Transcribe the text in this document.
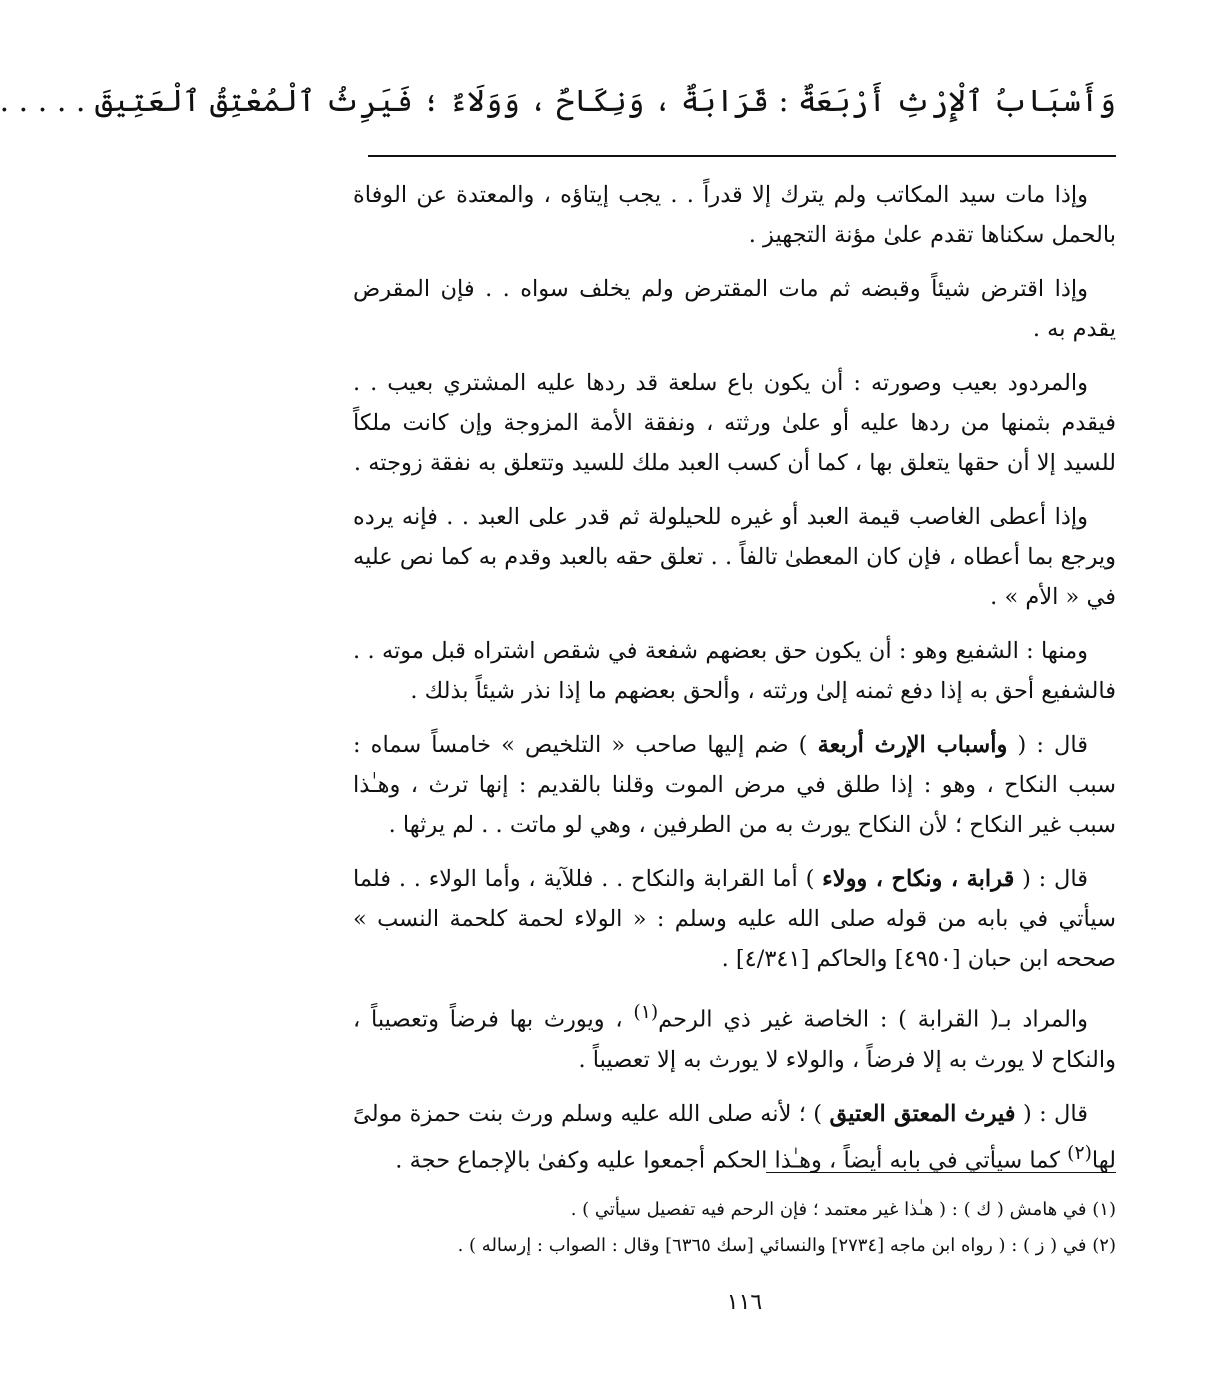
وَأَسْبَابُ ٱلْإِرْثِ أَرْبَعَةٌ : قَرَابَةٌ ، وَنِكَاحٌ ، وَوَلَاءٌ ؛ فَيَرِثُ ٱلْمُعْتِقُ ٱلْعَتِيقَ . . . . .

وإذا مات سيد المكاتب ولم يترك إلا قدراً . . يجب إيتاؤه ، والمعتدة عن الوفاة بالحمل سكناها تقدم علىٰ مؤنة التجهيز .

وإذا اقترض شيئاً وقبضه ثم مات المقترض ولم يخلف سواه . . فإن المقرض يقدم به .

والمردود بعيب وصورته : أن يكون باع سلعة قد ردها عليه المشتري بعيب . . فيقدم بثمنها من ردها عليه أو علىٰ ورثته ، ونفقة الأمة المزوجة وإن كانت ملكاً للسيد إلا أن حقها يتعلق بها ، كما أن كسب العبد ملك للسيد وتتعلق به نفقة زوجته .

وإذا أعطى الغاصب قيمة العبد أو غيره للحيلولة ثم قدر على العبد . . فإنه يرده ويرجع بما أعطاه ، فإن كان المعطىٰ تالفاً . . تعلق حقه بالعبد وقدم به كما نص عليه في « الأم » .

ومنها : الشفيع وهو : أن يكون حق بعضهم شفعة في شقص اشتراه قبل موته . . فالشفيع أحق به إذا دفع ثمنه إلىٰ ورثته ، وألحق بعضهم ما إذا نذر شيئاً بذلك .

قال : ( وأسباب الإرث أربعة ) ضم إليها صاحب « التلخيص » خامساً سماه : سبب النكاح ، وهو : إذا طلق في مرض الموت وقلنا بالقديم : إنها ترث ، وهـٰذا سبب غير النكاح ؛ لأن النكاح يورث به من الطرفين ، وهي لو ماتت . . لم يرثها .

قال : ( قرابة ، ونكاح ، وولاء ) أما القرابة والنكاح . . فللآية ، وأما الولاء . . فلما سيأتي في بابه من قوله صلى الله عليه وسلم : « الولاء لحمة كلحمة النسب » صححه ابن حبان [٤٩٥٠] والحاكم [٤/٣٤١] .

والمراد بـ( القرابة ) : الخاصة غير ذي الرحم$^{(١)}$ ، ويورث بها فرضاً وتعصيباً ، والنكاح لا يورث به إلا فرضاً ، والولاء لا يورث به إلا تعصيباً .

قال : ( فيرث المعتق العتيق ) ؛ لأنه صلى الله عليه وسلم ورث بنت حمزة مولىً لها$^{(٢)}$ كما سيأتي في بابه أيضاً ، وهـٰذا الحكم أجمعوا عليه وكفىٰ بالإجماع حجة .

(١) في هامش ( ك ) : ( هـٰذا غير معتمد ؛ فإن الرحم فيه تفصيل سيأتي ) .

(٢) في ( ز ) : ( رواه ابن ماجه [٢٧٣٤] والنسائي [سك ٦٣٦٥] وقال : الصواب : إرساله ) .

١١٦
